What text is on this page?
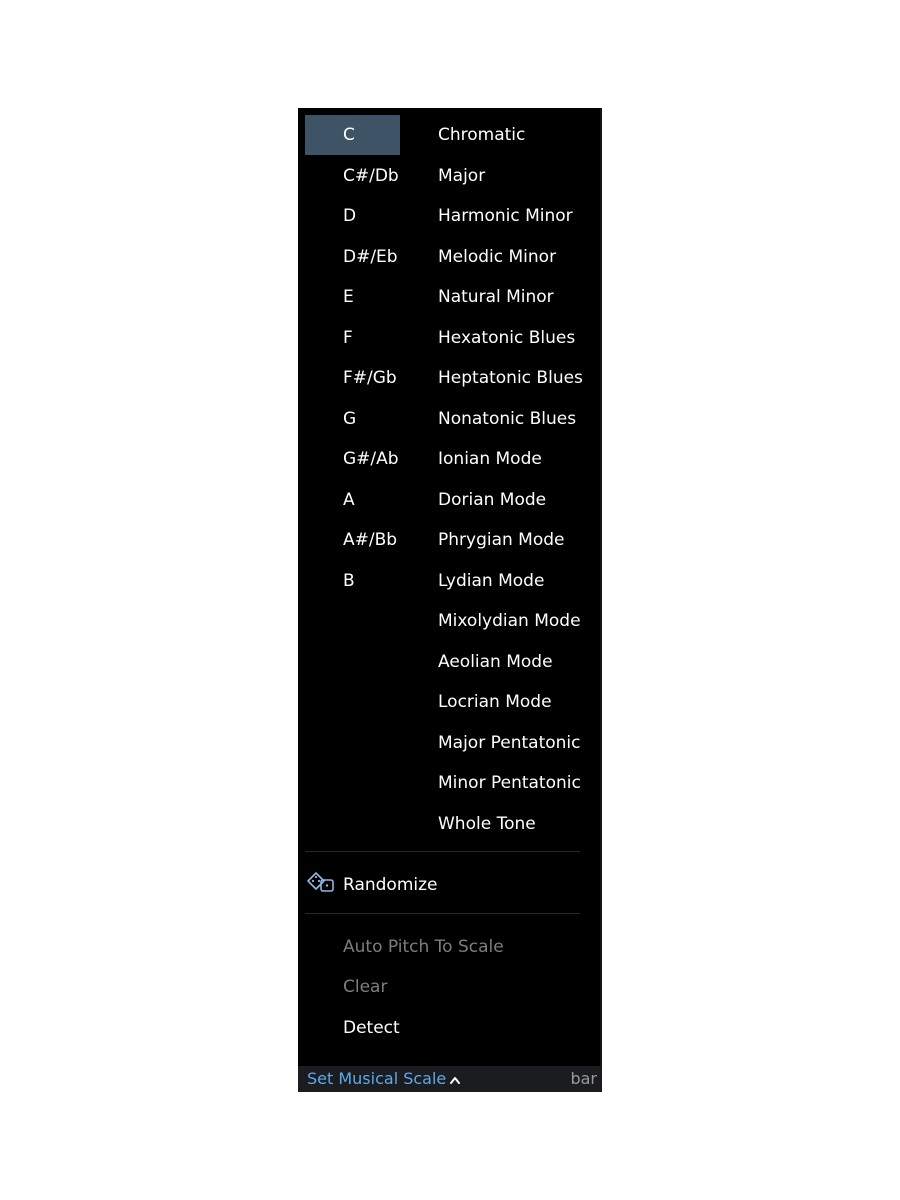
C
C#/Db
D
D#/Eb
E
F
F#/Gb
G
G#/Ab
A
A#/Bb
B
Chromatic
Major
Harmonic Minor
Melodic Minor
Natural Minor
Hexatonic Blues
Heptatonic Blues
Nonatonic Blues
Ionian Mode
Dorian Mode
Phrygian Mode
Lydian Mode
Mixolydian Mode
Aeolian Mode
Locrian Mode
Major Pentatonic
Minor Pentatonic
Whole Tone
Randomize
Auto Pitch To Scale
Clear
Detect
Set Musical Scale	bar
